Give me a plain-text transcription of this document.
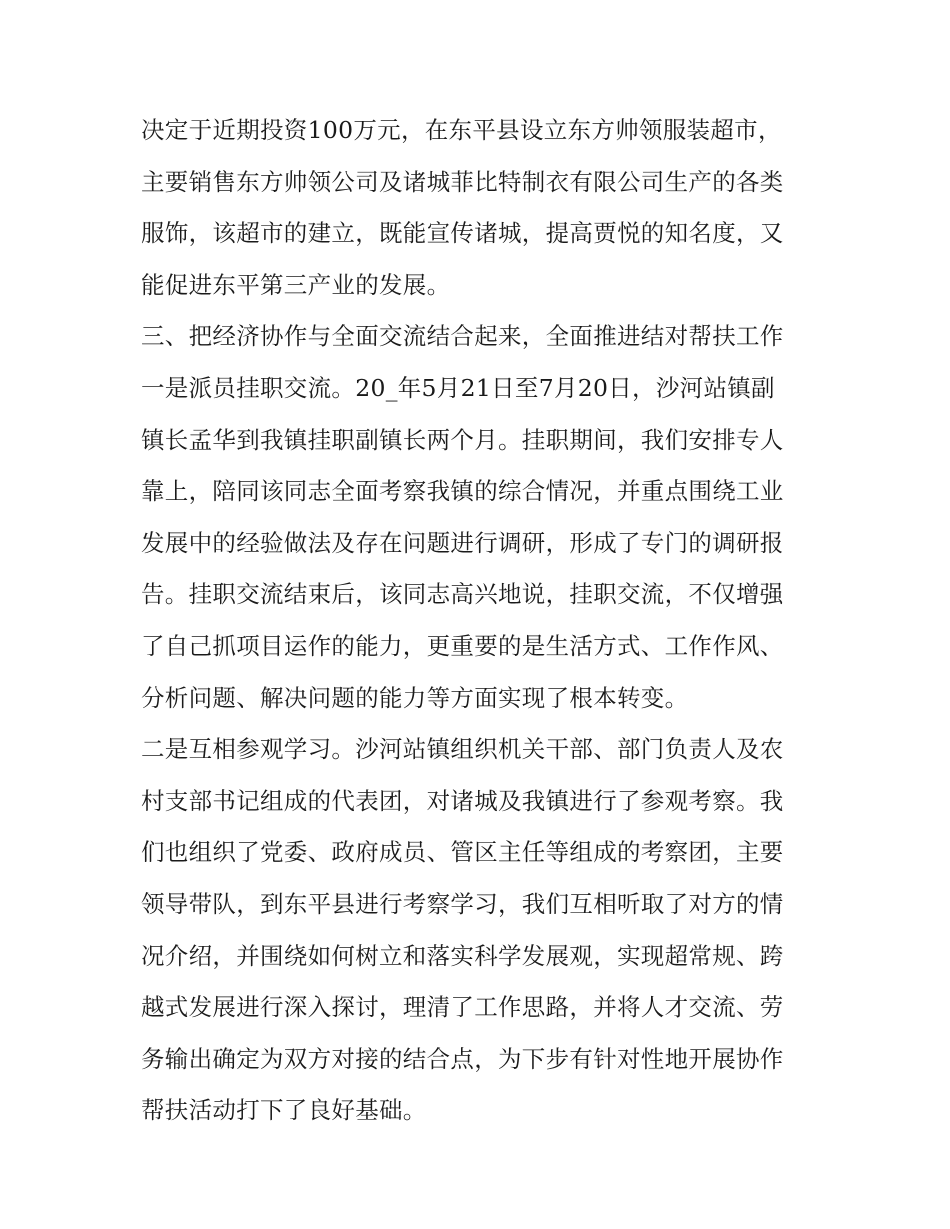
决定于近期投资100万元，在东平县设立东方帅领服装超市，
主要销售东方帅领公司及诸城菲比特制衣有限公司生产的各类
服饰，该超市的建立，既能宣传诸城，提高贾悦的知名度，又
能促进东平第三产业的发展。
三、把经济协作与全面交流结合起来，全面推进结对帮扶工作
一是派员挂职交流。20_年5月21日至7月20日，沙河站镇副
镇长孟华到我镇挂职副镇长两个月。挂职期间，我们安排专人
靠上，陪同该同志全面考察我镇的综合情况，并重点围绕工业
发展中的经验做法及存在问题进行调研，形成了专门的调研报
告。挂职交流结束后，该同志高兴地说，挂职交流，不仅增强
了自己抓项目运作的能力，更重要的是生活方式、工作作风、
分析问题、解决问题的能力等方面实现了根本转变。
二是互相参观学习。沙河站镇组织机关干部、部门负责人及农
村支部书记组成的代表团，对诸城及我镇进行了参观考察。我
们也组织了党委、政府成员、管区主任等组成的考察团，主要
领导带队，到东平县进行考察学习，我们互相听取了对方的情
况介绍，并围绕如何树立和落实科学发展观，实现超常规、跨
越式发展进行深入探讨，理清了工作思路，并将人才交流、劳
务输出确定为双方对接的结合点，为下步有针对性地开展协作
帮扶活动打下了良好基础。
